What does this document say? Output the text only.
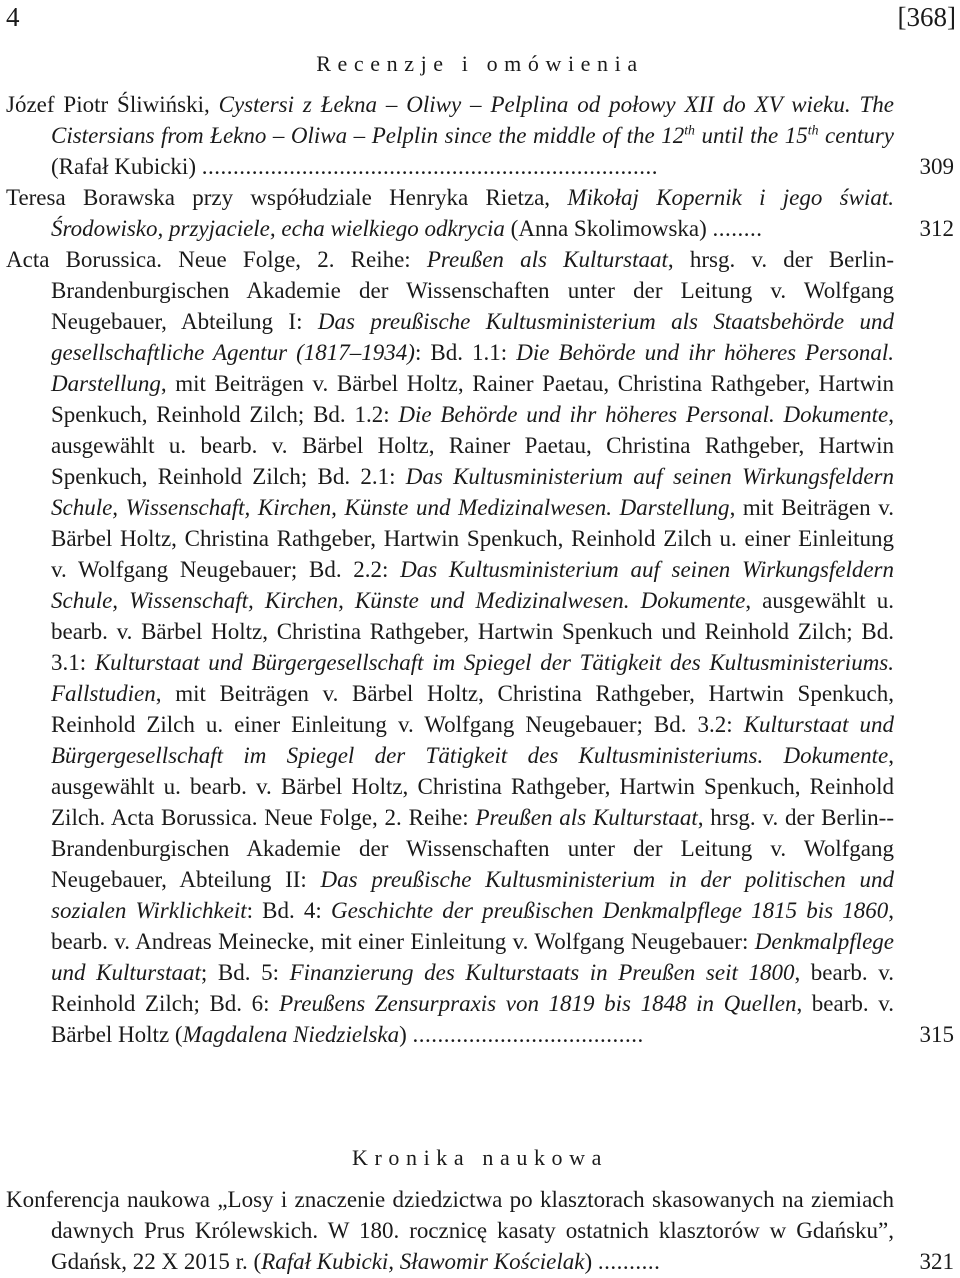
4	[368]
Recenzje i omówienia

Józef Piotr Śliwiński, Cystersi z Łekna – Oliwy – Pelplina od połowy XII do XV wieku. The Cistersians from Łekno – Oliwa – Pelplin since the middle of the 12th until the 15th century (Rafał Kubicki) .........................................................................	309

Teresa Borawska przy współudziale Henryka Rietza, Mikołaj Kopernik i jego świat. Środowisko, przyjaciele, echa wielkiego odkrycia (Anna Skolimowska) ........	312

Acta Borussica. Neue Folge, 2. Reihe: Preußen als Kulturstaat, hrsg. v. der Berlin-Brandenburgischen Akademie der Wissenschaften unter der Leitung v. Wolfgang Neugebauer, Abteilung I: Das preußische Kultusministerium als Staatsbehörde und gesellschaftliche Agentur (1817–1934): Bd. 1.1: Die Behörde und ihr höheres Personal. Darstellung, mit Beiträgen v. Bärbel Holtz, Rainer Paetau, Christina Rathgeber, Hartwin Spenkuch, Reinhold Zilch; Bd. 1.2: Die Behörde und ihr höheres Personal. Dokumente, ausgewählt u. bearb. v. Bärbel Holtz, Rainer Paetau, Christina Rathgeber, Hartwin Spenkuch, Reinhold Zilch; Bd. 2.1: Das Kultusministerium auf seinen Wirkungsfeldern Schule, Wissenschaft, Kirchen, Künste und Medizinalwesen. Darstellung, mit Beiträgen v. Bärbel Holtz, Christina Rathgeber, Hartwin Spenkuch, Reinhold Zilch u. einer Einleitung v. Wolfgang Neugebauer; Bd. 2.2: Das Kultusministerium auf seinen Wirkungsfeldern Schule, Wissenschaft, Kirchen, Künste und Medizinalwesen. Dokumente, ausgewählt u. bearb. v. Bärbel Holtz, Christina Rathgeber, Hartwin Spenkuch und Reinhold Zilch; Bd. 3.1: Kulturstaat und Bürgergesellschaft im Spiegel der Tätigkeit des Kultusministeriums. Fallstudien, mit Beiträgen v. Bärbel Holtz, Christina Rathgeber, Hartwin Spenkuch, Reinhold Zilch u. einer Einleitung v. Wolfgang Neugebauer; Bd. 3.2: Kulturstaat und Bürgergesellschaft im Spiegel der Tätigkeit des Kultusministeriums. Dokumente, ausgewählt u. bearb. v. Bärbel Holtz, Christina Rathgeber, Hartwin Spenkuch, Reinhold Zilch. Acta Borussica. Neue Folge, 2. Reihe: Preußen als Kulturstaat, hrsg. v. der Berlin--Brandenburgischen Akademie der Wissenschaften unter der Leitung v. Wolfgang Neugebauer, Abteilung II: Das preußische Kultusministerium in der politischen und sozialen Wirklichkeit: Bd. 4: Geschichte der preußischen Denkmalpflege 1815 bis 1860, bearb. v. Andreas Meinecke, mit einer Einleitung v. Wolfgang Neugebauer: Denkmalpflege und Kulturstaat; Bd. 5: Finanzierung des Kulturstaats in Preußen seit 1800, bearb. v. Reinhold Zilch; Bd. 6: Preußens Zensurpraxis von 1819 bis 1848 in Quellen, bearb. v. Bärbel Holtz (Magdalena Niedzielska) .....................................	315

Kronika naukowa

Konferencja naukowa „Losy i znaczenie dziedzictwa po klasztorach skasowanych na ziemiach dawnych Prus Królewskich. W 180. rocznicę kasaty ostatnich klasztorów w Gdańsku”, Gdańsk, 22 X 2015 r. (Rafał Kubicki, Sławomir Kościelak) ..........	321
